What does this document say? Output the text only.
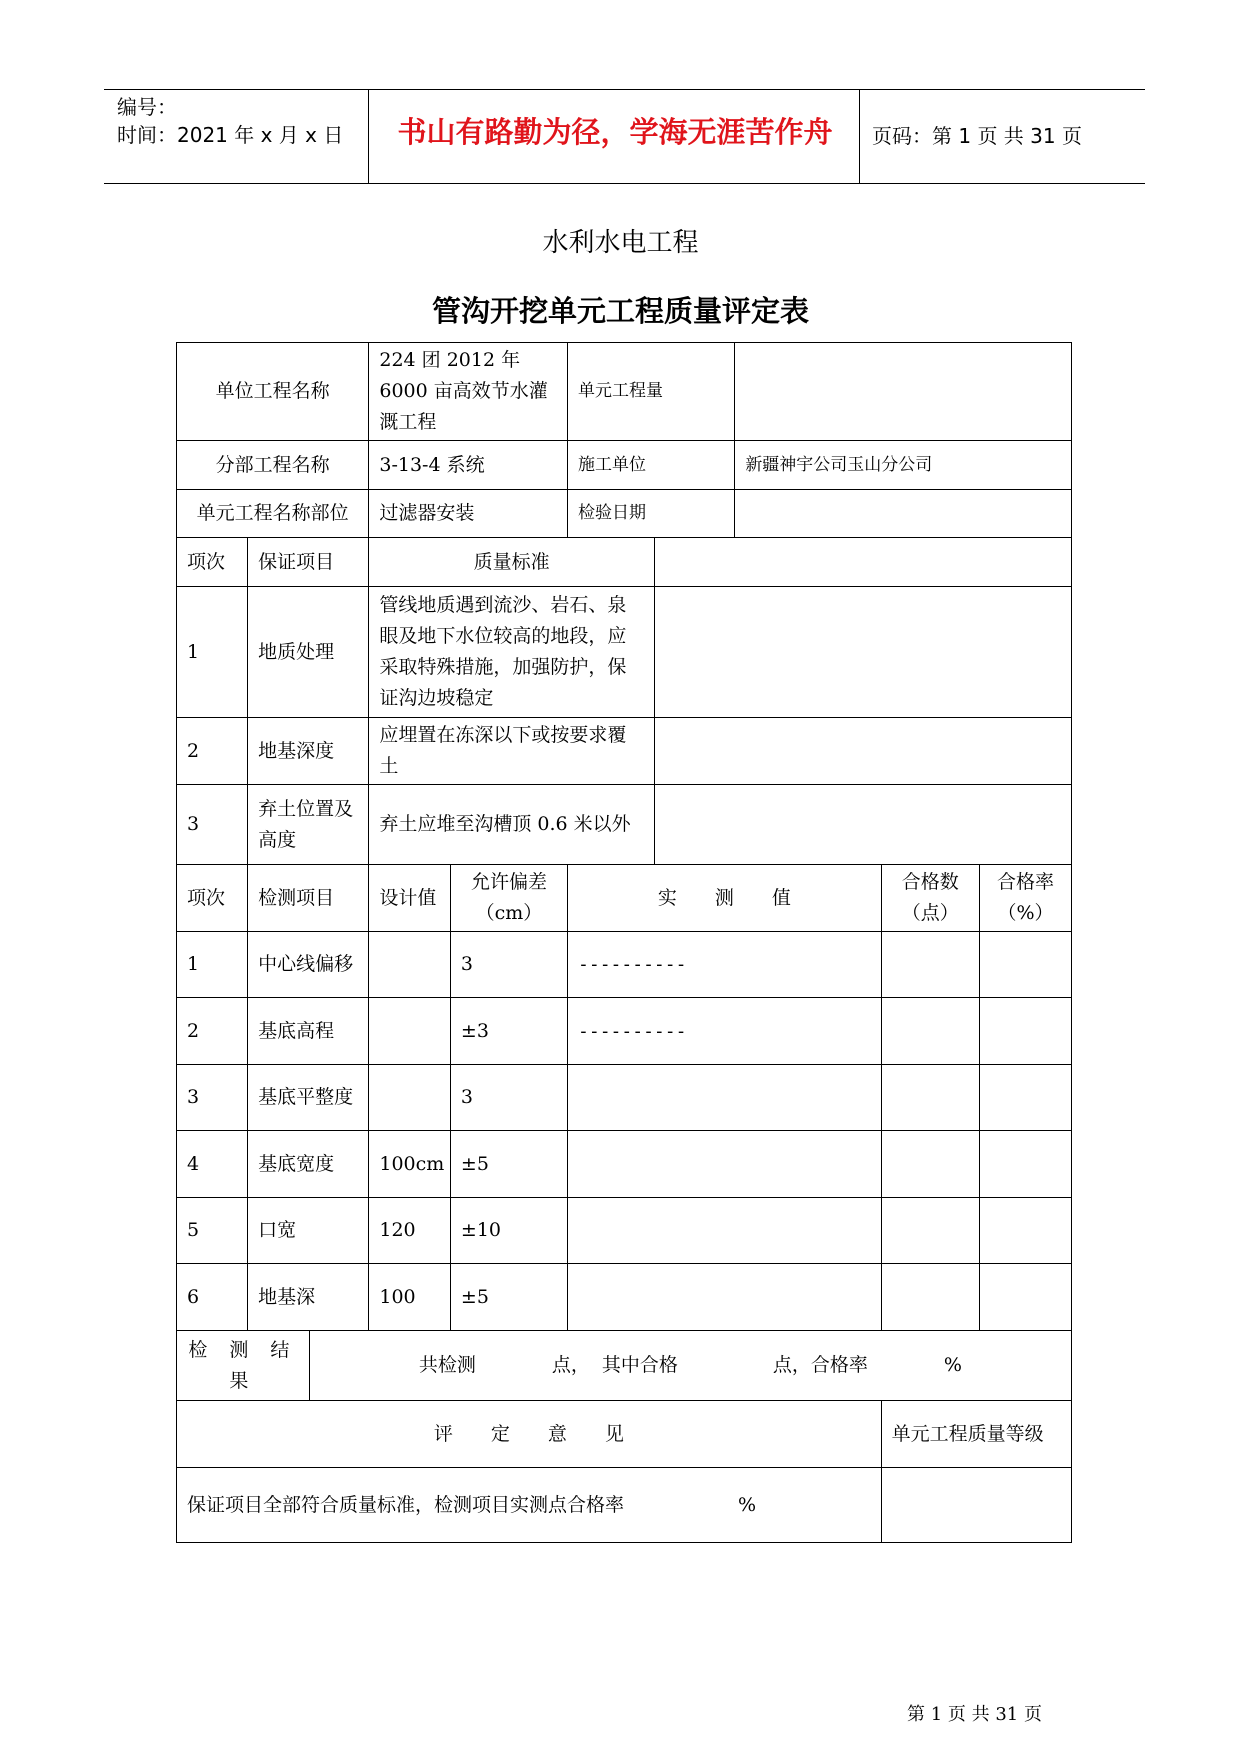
编号：
时间：2021 年 x 月 x 日	书山有路勤为径，学海无涯苦作舟	页码：第 1 页 共 31 页
水利水电工程
管沟开挖单元工程质量评定表
单位工程名称			224 团 2012 年 6000 亩高效节水灌溉工程		单元工程量				
分部工程名称			3-13-4 系统		施工单位		新疆神宇公司玉山分公司		
单元工程名称部位			过滤器安装		检验日期				
项次	保证项目		质量标准						
1	地质处理		管线地质遇到流沙、岩石、泉眼及地下水位较高的地段，应采取特殊措施，加强防护，保证沟边坡稳定						
2	地基深度		应埋置在冻深以下或按要求覆土						
3	弃土位置及高度		弃土应堆至沟槽顶 0.6 米以外						
项次	检测项目		设计值	允许偏差（cm）	实　　测　　值			合格数（点）	合格率（%）
1	中心线偏移			3	----------				
2	基底高程			±3	----------				
3	基底平整度			3					
4	基底宽度		100cm	±5					
5	口宽		120	±10					
6	地基深		100	±5					
检 测 结 果		共检测　　　　点，  其中合格　　　　　点，合格率　　　　%							
评　　定　　意　　见								单元工程质量等级	
保证项目全部符合质量标准，检测项目实测点合格率　　　　　　%									
第 1 页 共 31 页
